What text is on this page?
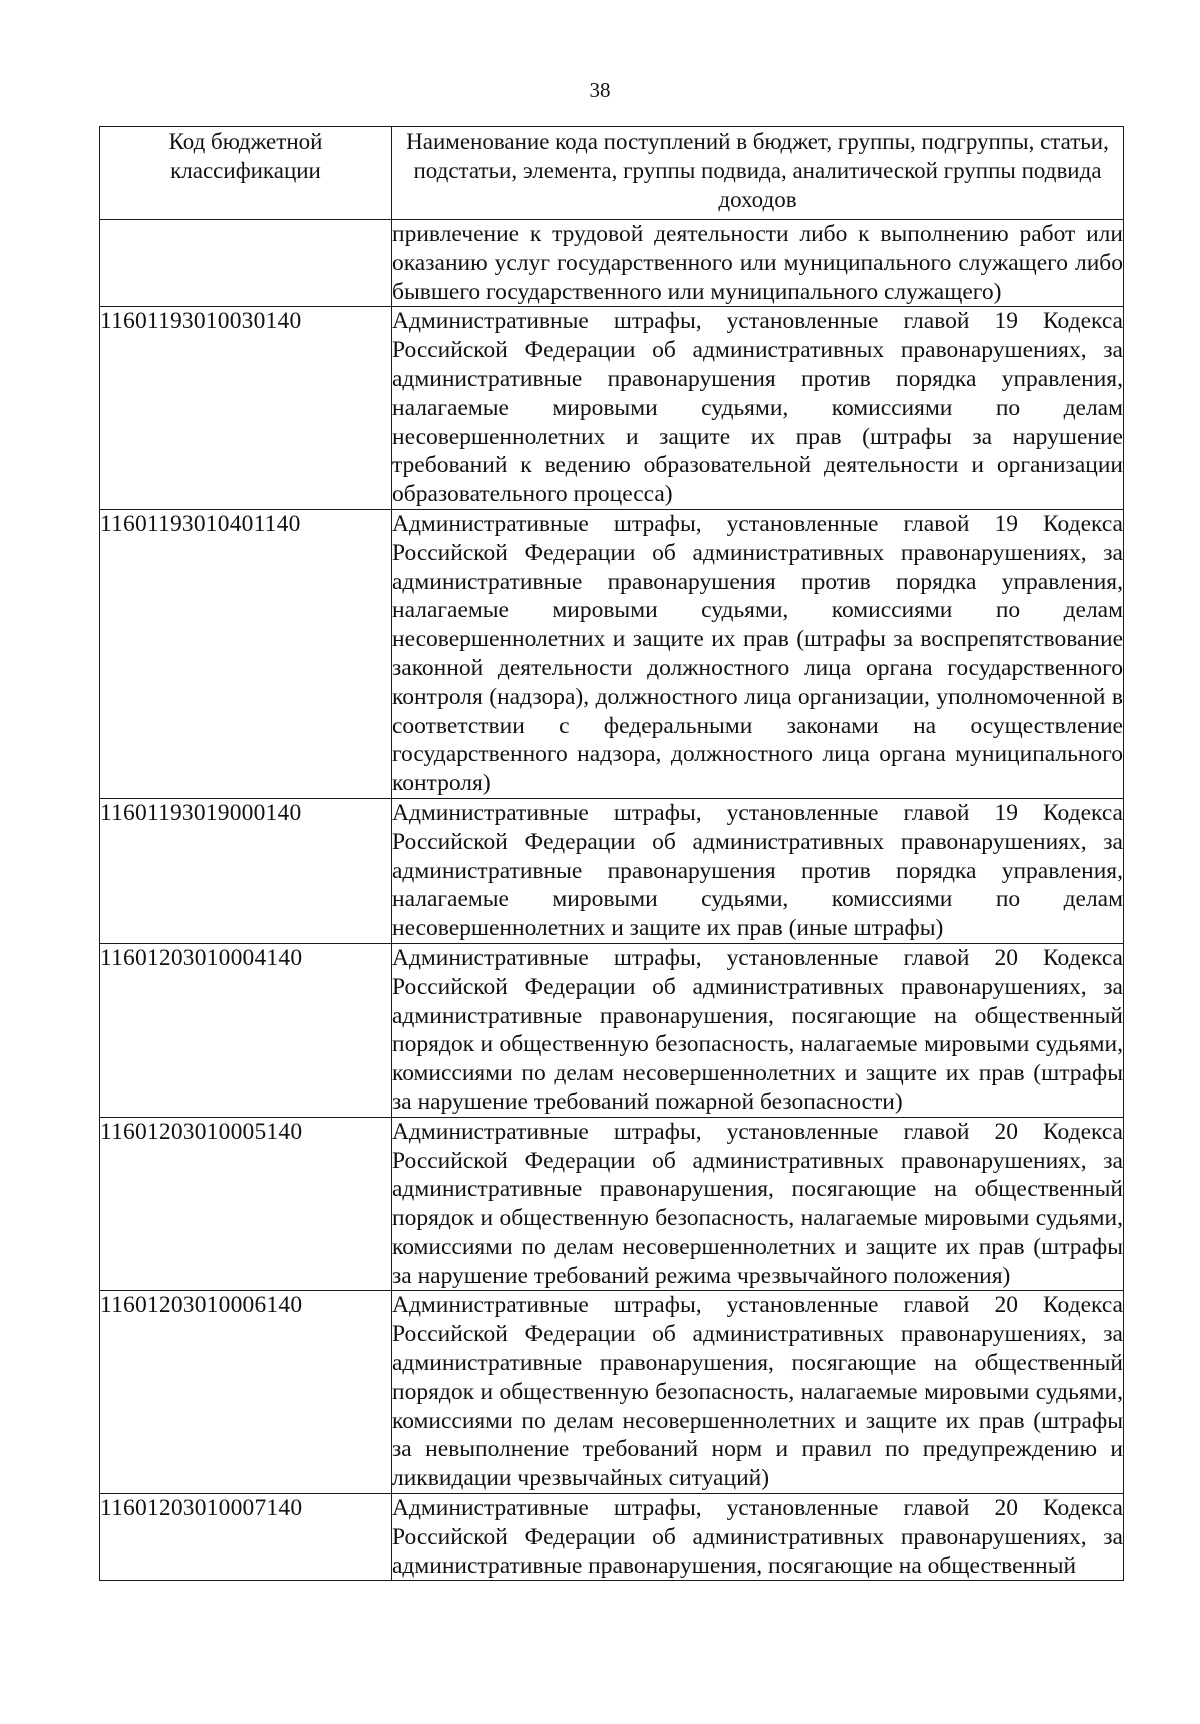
38
Код бюджетной классификации	Наименование кода поступлений в бюджет, группы, подгруппы, статьи, подстатьи, элемента, группы подвида, аналитической группы подвида доходов
	привлечение к трудовой деятельности либо к выполнению работ или оказанию услуг государственного или муниципального служащего либо бывшего государственного или муниципального служащего)
11601193010030140	Административные штрафы, установленные главой 19 Кодекса Российской Федерации об административных правонарушениях, за административные правонарушения против порядка управления, налагаемые мировыми судьями, комиссиями по делам несовершеннолетних и защите их прав (штрафы за нарушение требований к ведению образовательной деятельности и организации образовательного процесса)
11601193010401140	Административные штрафы, установленные главой 19 Кодекса Российской Федерации об административных правонарушениях, за административные правонарушения против порядка управления, налагаемые мировыми судьями, комиссиями по делам несовершеннолетних и защите их прав (штрафы за воспрепятствование законной деятельности должностного лица органа государственного контроля (надзора), должностного лица организации, уполномоченной в соответствии с федеральными законами на осуществление государственного надзора, должностного лица органа муниципального контроля)
11601193019000140	Административные штрафы, установленные главой 19 Кодекса Российской Федерации об административных правонарушениях, за административные правонарушения против порядка управления, налагаемые мировыми судьями, комиссиями по делам несовершеннолетних и защите их прав (иные штрафы)
11601203010004140	Административные штрафы, установленные главой 20 Кодекса Российской Федерации об административных правонарушениях, за административные правонарушения, посягающие на общественный порядок и общественную безопасность, налагаемые мировыми судьями, комиссиями по делам несовершеннолетних и защите их прав (штрафы за нарушение требований пожарной безопасности)
11601203010005140	Административные штрафы, установленные главой 20 Кодекса Российской Федерации об административных правонарушениях, за административные правонарушения, посягающие на общественный порядок и общественную безопасность, налагаемые мировыми судьями, комиссиями по делам несовершеннолетних и защите их прав (штрафы за нарушение требований режима чрезвычайного положения)
11601203010006140	Административные штрафы, установленные главой 20 Кодекса Российской Федерации об административных правонарушениях, за административные правонарушения, посягающие на общественный порядок и общественную безопасность, налагаемые мировыми судьями, комиссиями по делам несовершеннолетних и защите их прав (штрафы за невыполнение требований норм и правил по предупреждению и ликвидации чрезвычайных ситуаций)
11601203010007140	Административные штрафы, установленные главой 20 Кодекса Российской Федерации об административных правонарушениях, за административные правонарушения, посягающие на общественный
